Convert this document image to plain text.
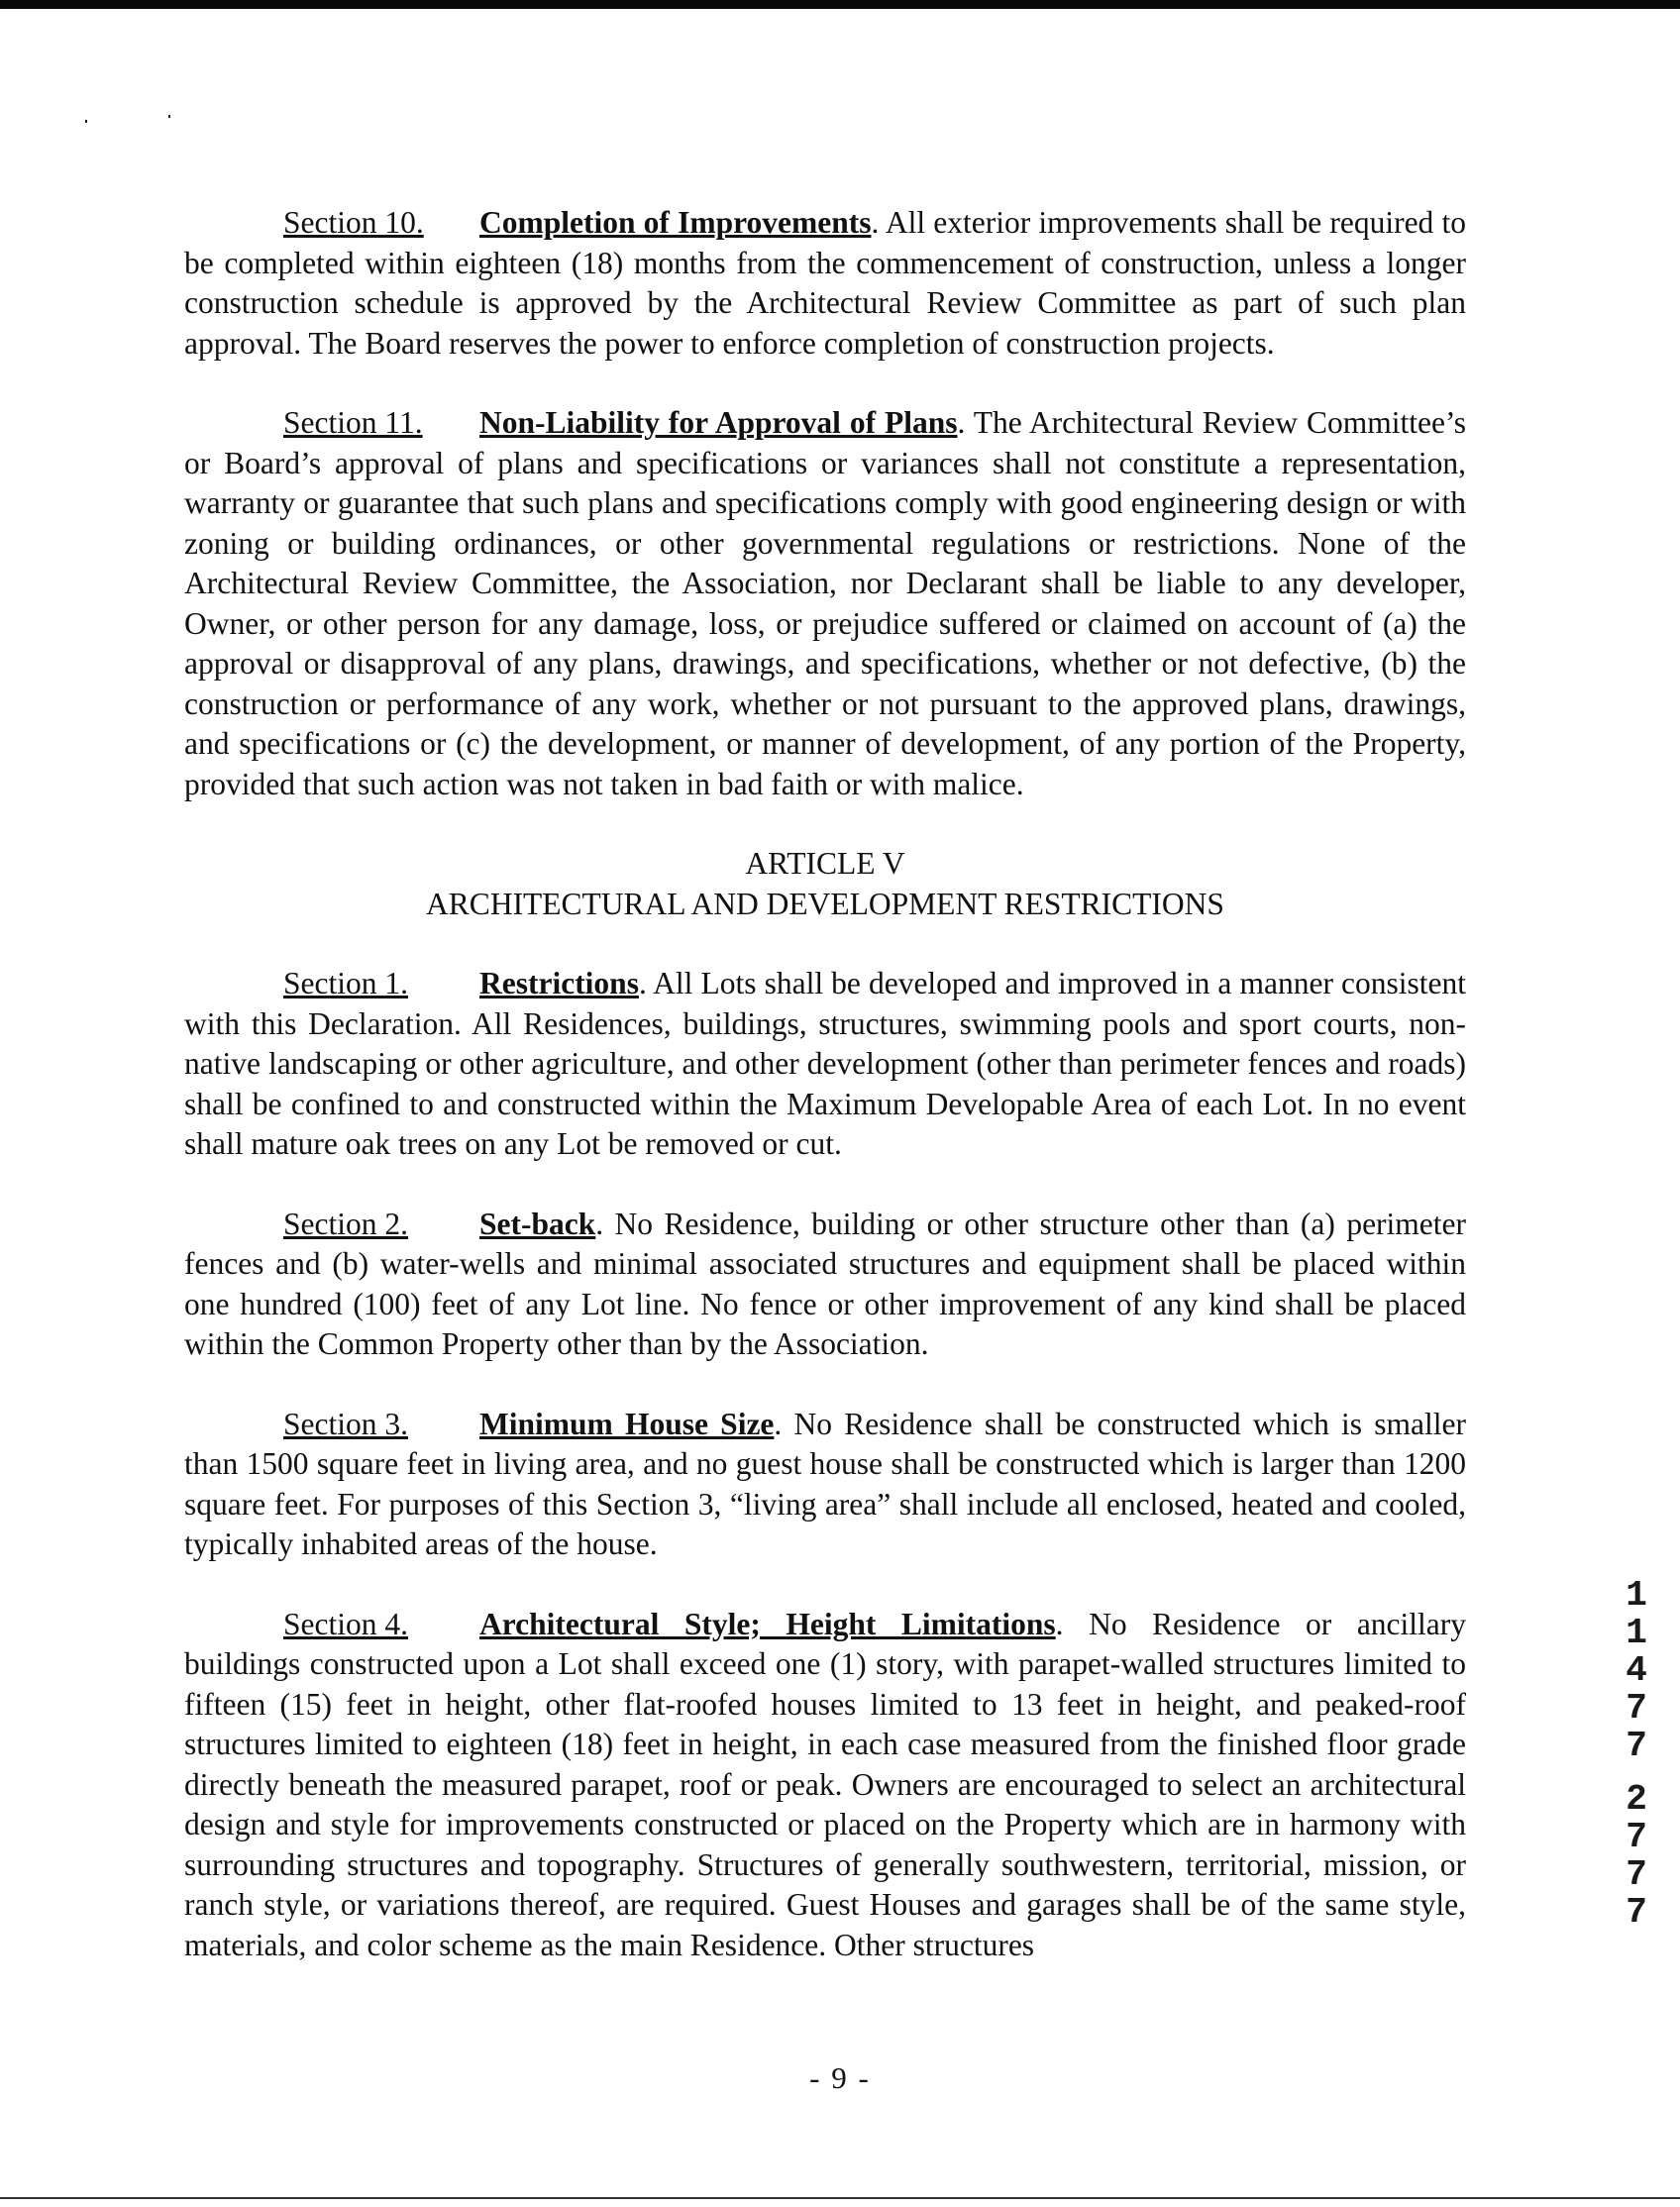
Section 10. Completion of Improvements. All exterior improvements shall be required to be completed within eighteen (18) months from the commencement of construction, unless a longer construction schedule is approved by the Architectural Review Committee as part of such plan approval. The Board reserves the power to enforce completion of construction projects.

Section 11. Non-Liability for Approval of Plans. The Architectural Review Committee’s or Board’s approval of plans and specifications or variances shall not constitute a representation, warranty or guarantee that such plans and specifications comply with good engineering design or with zoning or building ordinances, or other governmental regulations or restrictions. None of the Architectural Review Committee, the Association, nor Declarant shall be liable to any developer, Owner, or other person for any damage, loss, or prejudice suffered or claimed on account of (a) the approval or disapproval of any plans, drawings, and specifications, whether or not defective, (b) the construction or performance of any work, whether or not pursuant to the approved plans, drawings, and specifications or (c) the development, or manner of development, of any portion of the Property, provided that such action was not taken in bad faith or with malice.

ARTICLE V
ARCHITECTURAL AND DEVELOPMENT RESTRICTIONS

Section 1. Restrictions. All Lots shall be developed and improved in a manner consistent with this Declaration. All Residences, buildings, structures, swimming pools and sport courts, non-native landscaping or other agriculture, and other development (other than perimeter fences and roads) shall be confined to and constructed within the Maximum Developable Area of each Lot. In no event shall mature oak trees on any Lot be removed or cut.

Section 2. Set-back. No Residence, building or other structure other than (a) perimeter fences and (b) water-wells and minimal associated structures and equipment shall be placed within one hundred (100) feet of any Lot line. No fence or other improvement of any kind shall be placed within the Common Property other than by the Association.

Section 3. Minimum House Size. No Residence shall be constructed which is smaller than 1500 square feet in living area, and no guest house shall be constructed which is larger than 1200 square feet. For purposes of this Section 3, “living area” shall include all enclosed, heated and cooled, typically inhabited areas of the house.

Section 4. Architectural Style; Height Limitations. No Residence or ancillary buildings constructed upon a Lot shall exceed one (1) story, with parapet-walled structures limited to fifteen (15) feet in height, other flat-roofed houses limited to 13 feet in height, and peaked-roof structures limited to eighteen (18) feet in height, in each case measured from the finished floor grade directly beneath the measured parapet, roof or peak. Owners are encouraged to select an architectural design and style for improvements constructed or placed on the Property which are in harmony with surrounding structures and topography. Structures of generally southwestern, territorial, mission, or ranch style, or variations thereof, are required. Guest Houses and garages shall be of the same style, materials, and color scheme as the main Residence. Other structures

1
1
4
7
7
2
7
7
7
- 9 -
